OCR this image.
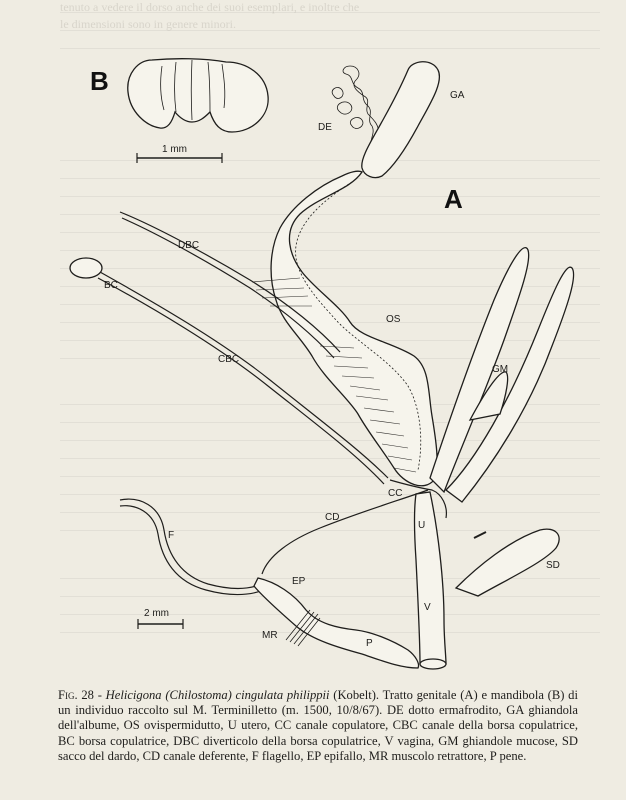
tenuto a vedere il dorso anche dei suoi esemplari, e inoltre che
le dimensioni sono in genere minori.
1 mm
B
2 mm
A
DE
GA
DBC
BC
CBC
OS
GM
CC
CD
U
F
SD
EP
V
MR
P
Fig. 28 - Helicigona (Chilostoma) cingulata philippii (Kobelt). Tratto genitale (A) e mandibola (B) di un individuo raccolto sul M. Terminilletto (m. 1500, 10/8/67). DE dotto ermafrodito, GA ghiandola dell'albume, OS ovispermidutto, U utero, CC canale copulatore, CBC canale della borsa copulatrice, BC borsa copulatrice, DBC diverticolo della borsa copulatrice, V vagina, GM ghiandole mucose, SD sacco del dardo, CD canale deferente, F flagello, EP epifallo, MR muscolo retrattore, P pene.
